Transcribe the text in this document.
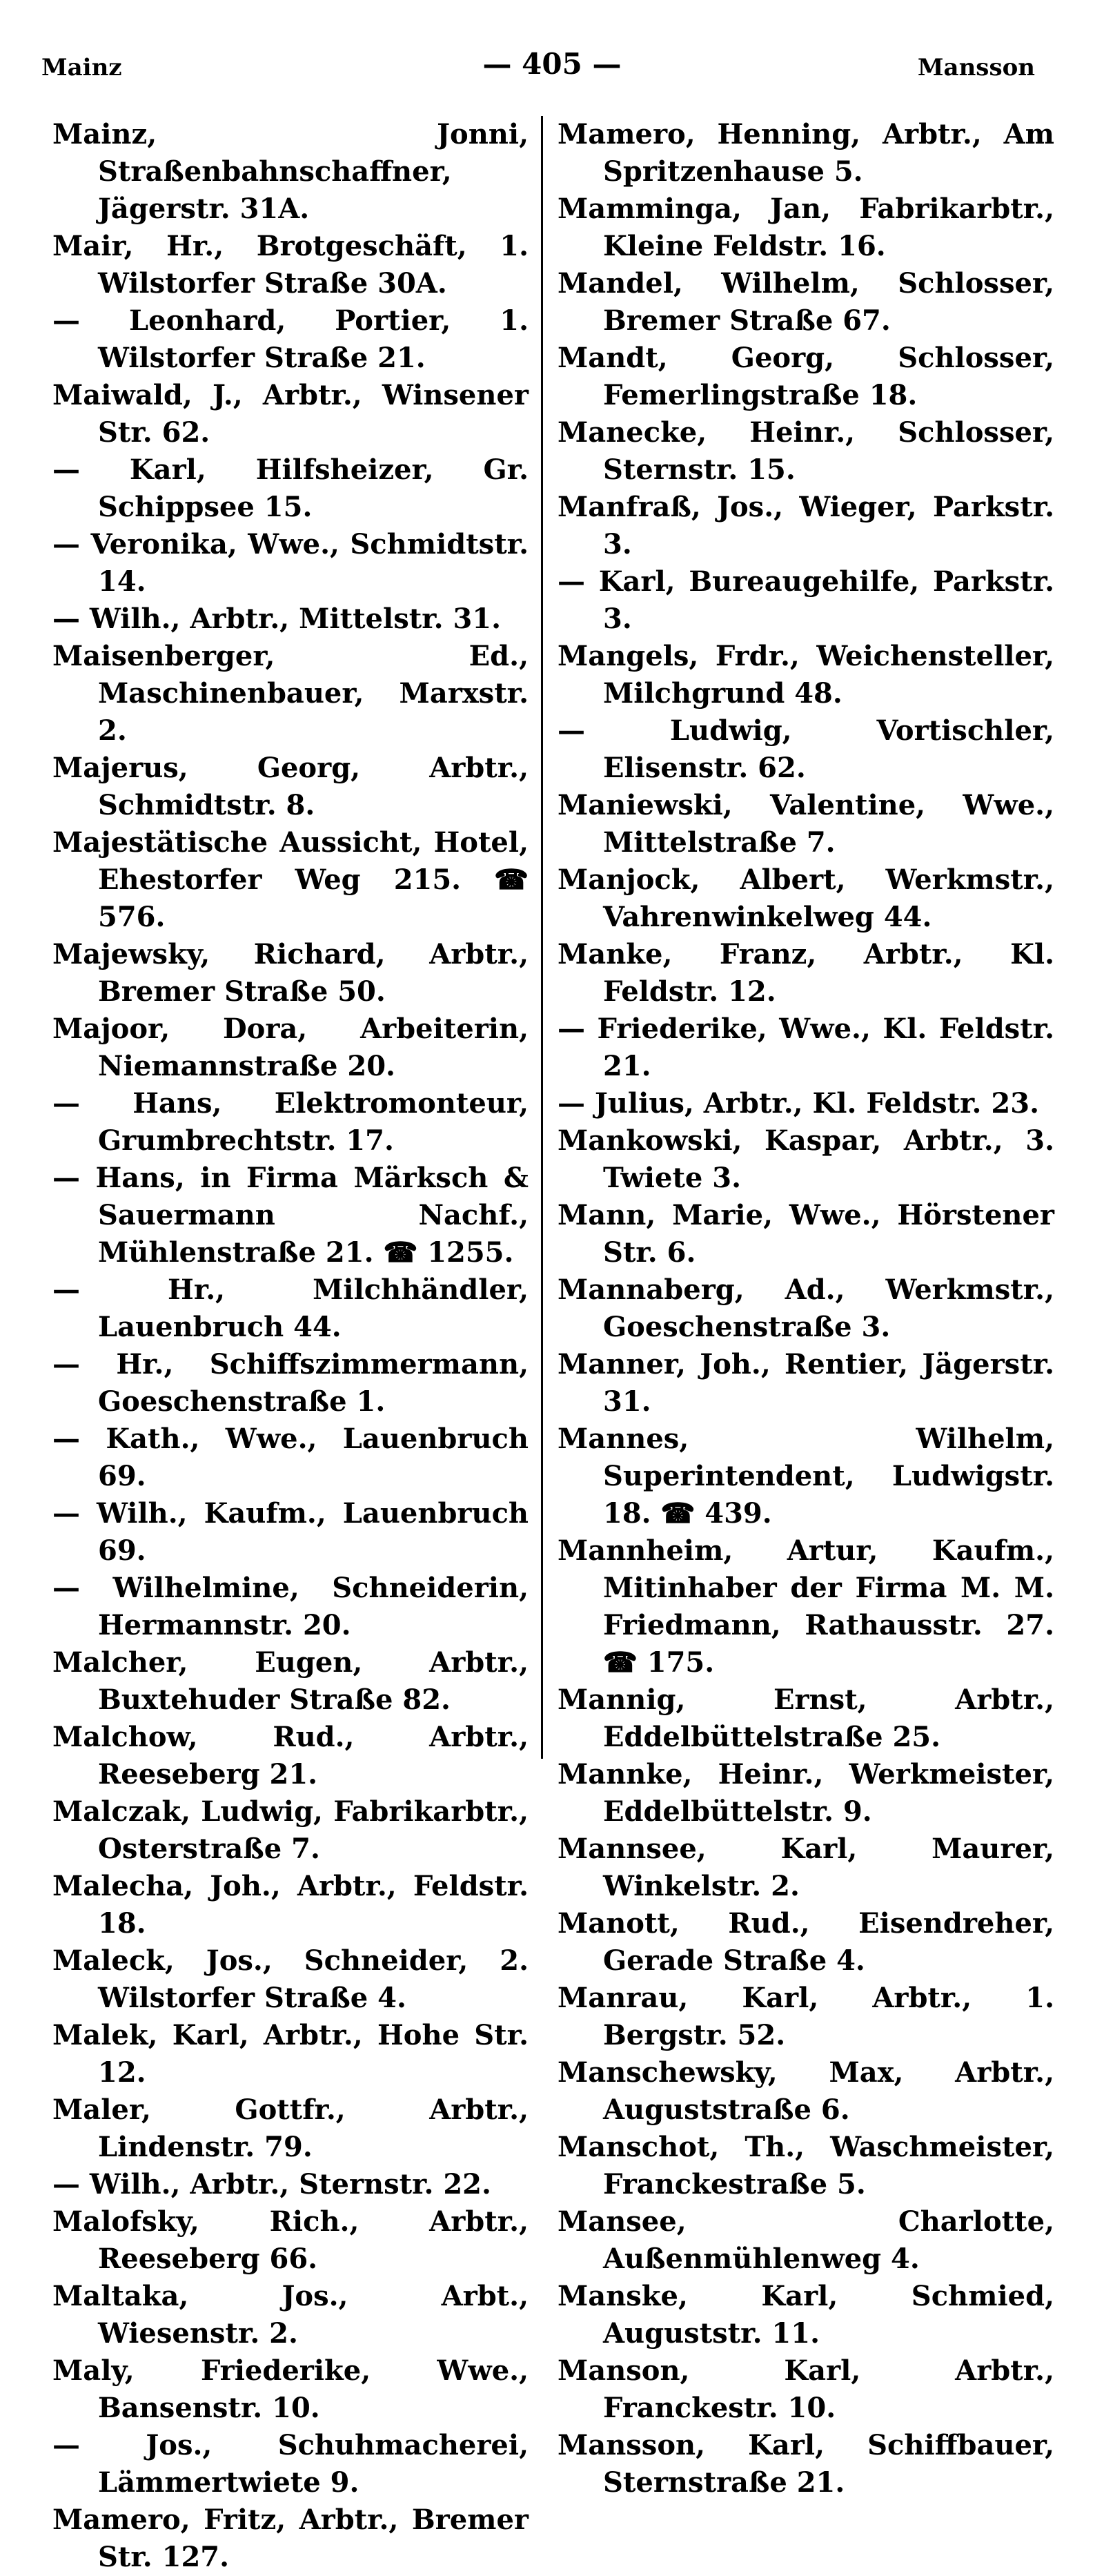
Mainz	— 405 —	Mansson
Mainz, Jonni, Straßenbahnschaffner, Jägerstr. 31A.
Mair, Hr., Brotgeschäft, 1. Wilstorfer Straße 30A.
— Leonhard, Portier, 1. Wilstorfer Straße 21.
Maiwald, J., Arbtr., Winsener Str. 62.
— Karl, Hilfsheizer, Gr. Schippsee 15.
— Veronika, Wwe., Schmidtstr. 14.
— Wilh., Arbtr., Mittelstr. 31.
Maisenberger, Ed., Maschinenbauer, Marxstr. 2.
Majerus, Georg, Arbtr., Schmidtstr. 8.
Majestätische Aussicht, Hotel, Ehestorfer Weg 215. ☎ 576.
Majewsky, Richard, Arbtr., Bremer Straße 50.
Majoor, Dora, Arbeiterin, Niemannstraße 20.
— Hans, Elektromonteur, Grumbrechtstr. 17.
— Hans, in Firma Märksch & Sauermann Nachf., Mühlenstraße 21. ☎ 1255.
— Hr., Milchhändler, Lauenbruch 44.
— Hr., Schiffszimmermann, Goeschenstraße 1.
— Kath., Wwe., Lauenbruch 69.
— Wilh., Kaufm., Lauenbruch 69.
— Wilhelmine, Schneiderin, Hermannstr. 20.
Malcher, Eugen, Arbtr., Buxtehuder Straße 82.
Malchow, Rud., Arbtr., Reeseberg 21.
Malczak, Ludwig, Fabrikarbtr., Osterstraße 7.
Malecha, Joh., Arbtr., Feldstr. 18.
Maleck, Jos., Schneider, 2. Wilstorfer Straße 4.
Malek, Karl, Arbtr., Hohe Str. 12.
Maler, Gottfr., Arbtr., Lindenstr. 79.
— Wilh., Arbtr., Sternstr. 22.
Malofsky, Rich., Arbtr., Reeseberg 66.
Maltaka, Jos., Arbt., Wiesenstr. 2.
Maly, Friederike, Wwe., Bansenstr. 10.
— Jos., Schuhmacherei, Lämmertwiete 9.
Mamero, Fritz, Arbtr., Bremer Str. 127.
Mamero, Henning, Arbtr., Am Spritzenhause 5.
Mamminga, Jan, Fabrikarbtr., Kleine Feldstr. 16.
Mandel, Wilhelm, Schlosser, Bremer Straße 67.
Mandt, Georg, Schlosser, Femerlingstraße 18.
Manecke, Heinr., Schlosser, Sternstr. 15.
Manfraß, Jos., Wieger, Parkstr. 3.
— Karl, Bureaugehilfe, Parkstr. 3.
Mangels, Frdr., Weichensteller, Milchgrund 48.
— Ludwig, Vortischler, Elisenstr. 62.
Maniewski, Valentine, Wwe., Mittelstraße 7.
Manjock, Albert, Werkmstr., Vahrenwinkelweg 44.
Manke, Franz, Arbtr., Kl. Feldstr. 12.
— Friederike, Wwe., Kl. Feldstr. 21.
— Julius, Arbtr., Kl. Feldstr. 23.
Mankowski, Kaspar, Arbtr., 3. Twiete 3.
Mann, Marie, Wwe., Hörstener Str. 6.
Mannaberg, Ad., Werkmstr., Goeschenstraße 3.
Manner, Joh., Rentier, Jägerstr. 31.
Mannes, Wilhelm, Superintendent, Ludwigstr. 18. ☎ 439.
Mannheim, Artur, Kaufm., Mitinhaber der Firma M. M. Friedmann, Rathausstr. 27. ☎ 175.
Mannig, Ernst, Arbtr., Eddelbüttelstraße 25.
Mannke, Heinr., Werkmeister, Eddelbüttelstr. 9.
Mannsee, Karl, Maurer, Winkelstr. 2.
Manott, Rud., Eisendreher, Gerade Straße 4.
Manrau, Karl, Arbtr., 1. Bergstr. 52.
Manschewsky, Max, Arbtr., Auguststraße 6.
Manschot, Th., Waschmeister, Franckestraße 5.
Mansee, Charlotte, Außenmühlenweg 4.
Manske, Karl, Schmied, Auguststr. 11.
Manson, Karl, Arbtr., Franckestr. 10.
Mansson, Karl, Schiffbauer, Sternstraße 21.
